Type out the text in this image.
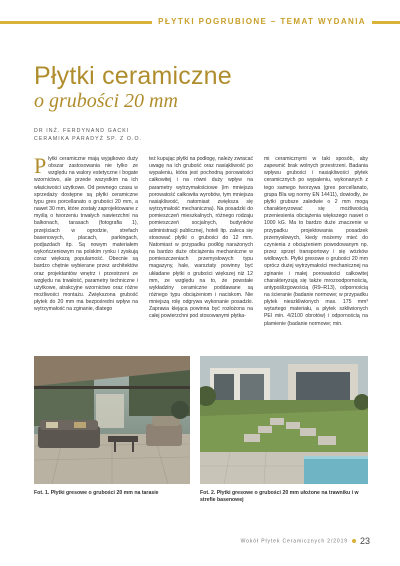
PŁYTKI POGRUBIONE – TEMAT WYDANIA
Płytki ceramiczne
o grubości 20 mm
DR INŻ. FERDYNAND GACKI
CERAMIKA PARADYŻ SP. Z O.O.
Płytki ceramiczne mają wyjątkowo duży obszar zastosowania nie tylko ze względu na walory estetyczne i bogate wzornictwo, ale przede wszystkim na ich właściwości użytkowe. Od pewnego czasu w sprzedaży dostępne są płytki ceramiczne typu gres porcellanato o grubości 20 mm, a nawet 30 mm, które zostały zaprojektowane z myślą o tworzeniu trwałych nawierzchni na balkonach, tarasach (fotografia 1), przejściach w ogrodzie, strefach basenowych, placach, parkingach, podjazdach itp. Są nowym materiałem wykończeniowym na polskim rynku i zyskują coraz większą popularność. Obecnie są bardzo chętnie wybierane przez architektów oraz projektantów wnętrz i przestrzeni ze względu na trwałość, parametry techniczne i użytkowe, atrakcyjne wzornictwo oraz różne możliwości montażu. Zwiększona grubość płytek do 20 mm ma bezpośredni wpływ na wytrzymałość na zginanie, dlatego
też kupując płytki na podłogę, należy zwracać uwagę na ich grubość oraz nasiąkliwość po wypaleniu, która jest pochodną porowatości całkowitej i na równi duży wpływ na parametry wytrzymałościowe (im mniejsza porowatość całkowita wyrobów, tym mniejsza nasiąkliwość, natomiast zwiększa się wytrzymałość mechaniczna). Na posadzki do pomieszczeń mieszkalnych, różnego rodzaju pomieszczeń socjalnych, budynków administracji publicznej, hoteli itp. zaleca się stosować płytki o grubości do 12 mm. Natomiast w przypadku podłóg narażonych na bardzo duże obciążenia mechaniczne w pomieszczeniach przemysłowych typu magazyny, hale, warsztaty powinny być układane płytki o grubości większej niż 12 mm, ze względu na to, że powstałe wykładziny ceramiczne poddawane są różnego typu obciążeniom i naciskom. Nie mniejszą rolę odgrywa wykonanie posadzki. Zaprawa klejąca powinna być rozłożona na całej powierzchni pod stosowanymi płytka-
mi ceramicznymi w taki sposób, aby zapewnić brak wolnych przestrzeni. Badania wpływu grubości i nasiąkliwości płytek ceramicznych po wypaleniu, wykonanych z tego samego tworzywa (gres porcellanato, grupa BIa wg normy EN 14411), dowiodły, że płytki grubsze zaledwie o 2 mm mogą charakteryzować się możliwością przeniesienia obciążenia większego nawet o 1000 kG. Ma to bardzo duże znaczenie w przypadku projektowania posadzek przemysłowych, kiedy możemy mieć do czynienia z obciążeniem powodowanym np. przez sprzęt transportowy i się wózków widłowych. Płytki gresowe o grubości 20 mm oprócz dużej wytrzymałości mechanicznej na zginanie i małej porowatości całkowitej charakteryzują się także mrozoodpornością, antypoślizgowością (R9–R13), odpornością na ścieranie (badanie normowe; w przypadku płytek nieszkliwionych max. 175 mm³ wytartego materiału, a płytek szkliwionych PEI min. 4/2100 obrotów) i odpornością na plamienie (badanie normowe; min.
Fot. 1. Płytki gresowe o grubości 20 mm na tarasie	Fot. 2. Płytki gresowe o grubości 20 mm ułożone na trawniku i w strefie basenowej
Wokół Płytek Ceramicznych 2/2019 23
